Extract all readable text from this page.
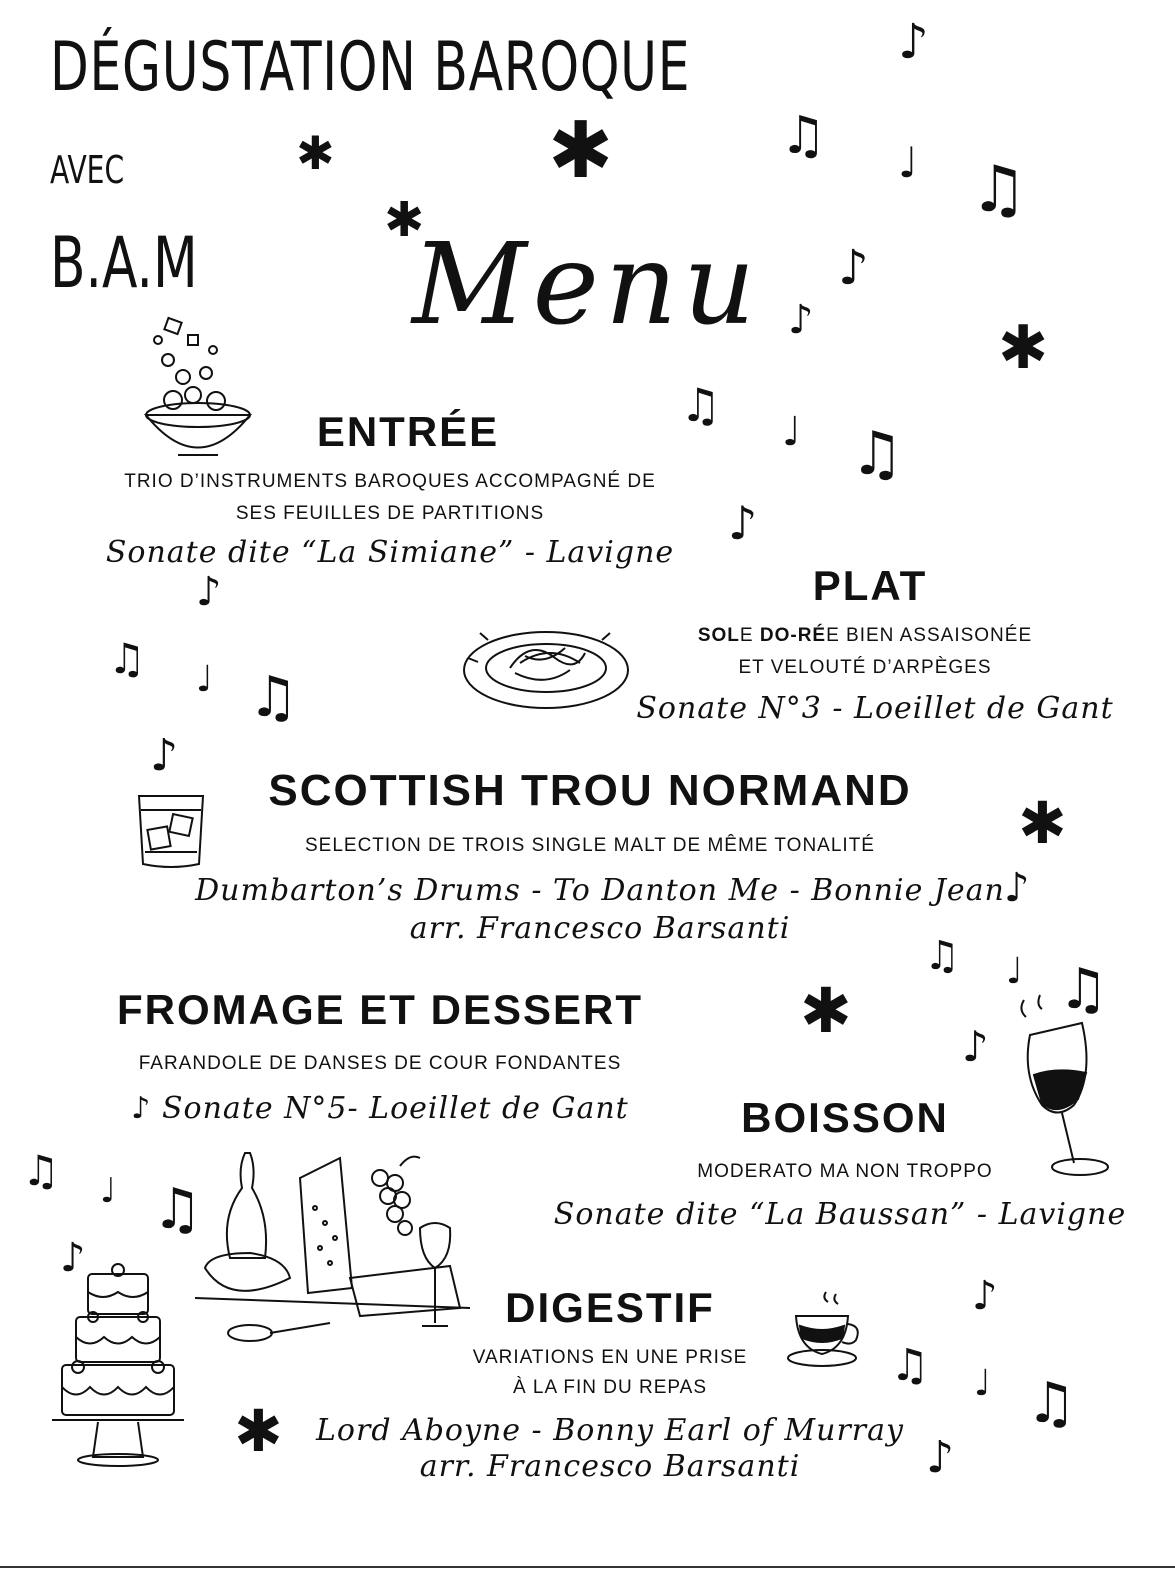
DÉGUSTATION BAROQUE
AVEC
B.A.M Menu
ENTRÉE
TRIO D’INSTRUMENTS BAROQUES ACCOMPAGNÉ DE
SES FEUILLES DE PARTITIONS
Sonate dite “La Simiane” - Lavigne
PLAT
SOLE DO-RÉE BIEN ASSAISONÉE
ET VELOUTÉ D’ARPÈGES
Sonate N°3 - Loeillet de Gant
SCOTTISH TROU NORMAND
SELECTION DE TROIS SINGLE MALT DE MÊME TONALITÉ
Dumbarton’s Drums - To Danton Me - Bonnie Jean
arr. Francesco Barsanti
FROMAGE ET DESSERT
FARANDOLE DE DANSES DE COUR FONDANTES
♪ Sonate N°5- Loeillet de Gant	BOISSON
MODERATO MA NON TROPPO
Sonate dite “La Baussan” - Lavigne
DIGESTIF
VARIATIONS EN UNE PRISE
À LA FIN DU REPAS
Lord Aboyne - Bonny Earl of Murray
arr. Francesco Barsanti
♪
♫ ♩ ♫
♪
♪
♫ ♩ ♫
♪
♪
♫ ♩ ♫
♪
♪
♫ ♩ ♫
♪
♫ ♩ ♫
♪
♪
♫ ♩ ♫
♪
✱	✱
✱
✱
✱
✱
✱
